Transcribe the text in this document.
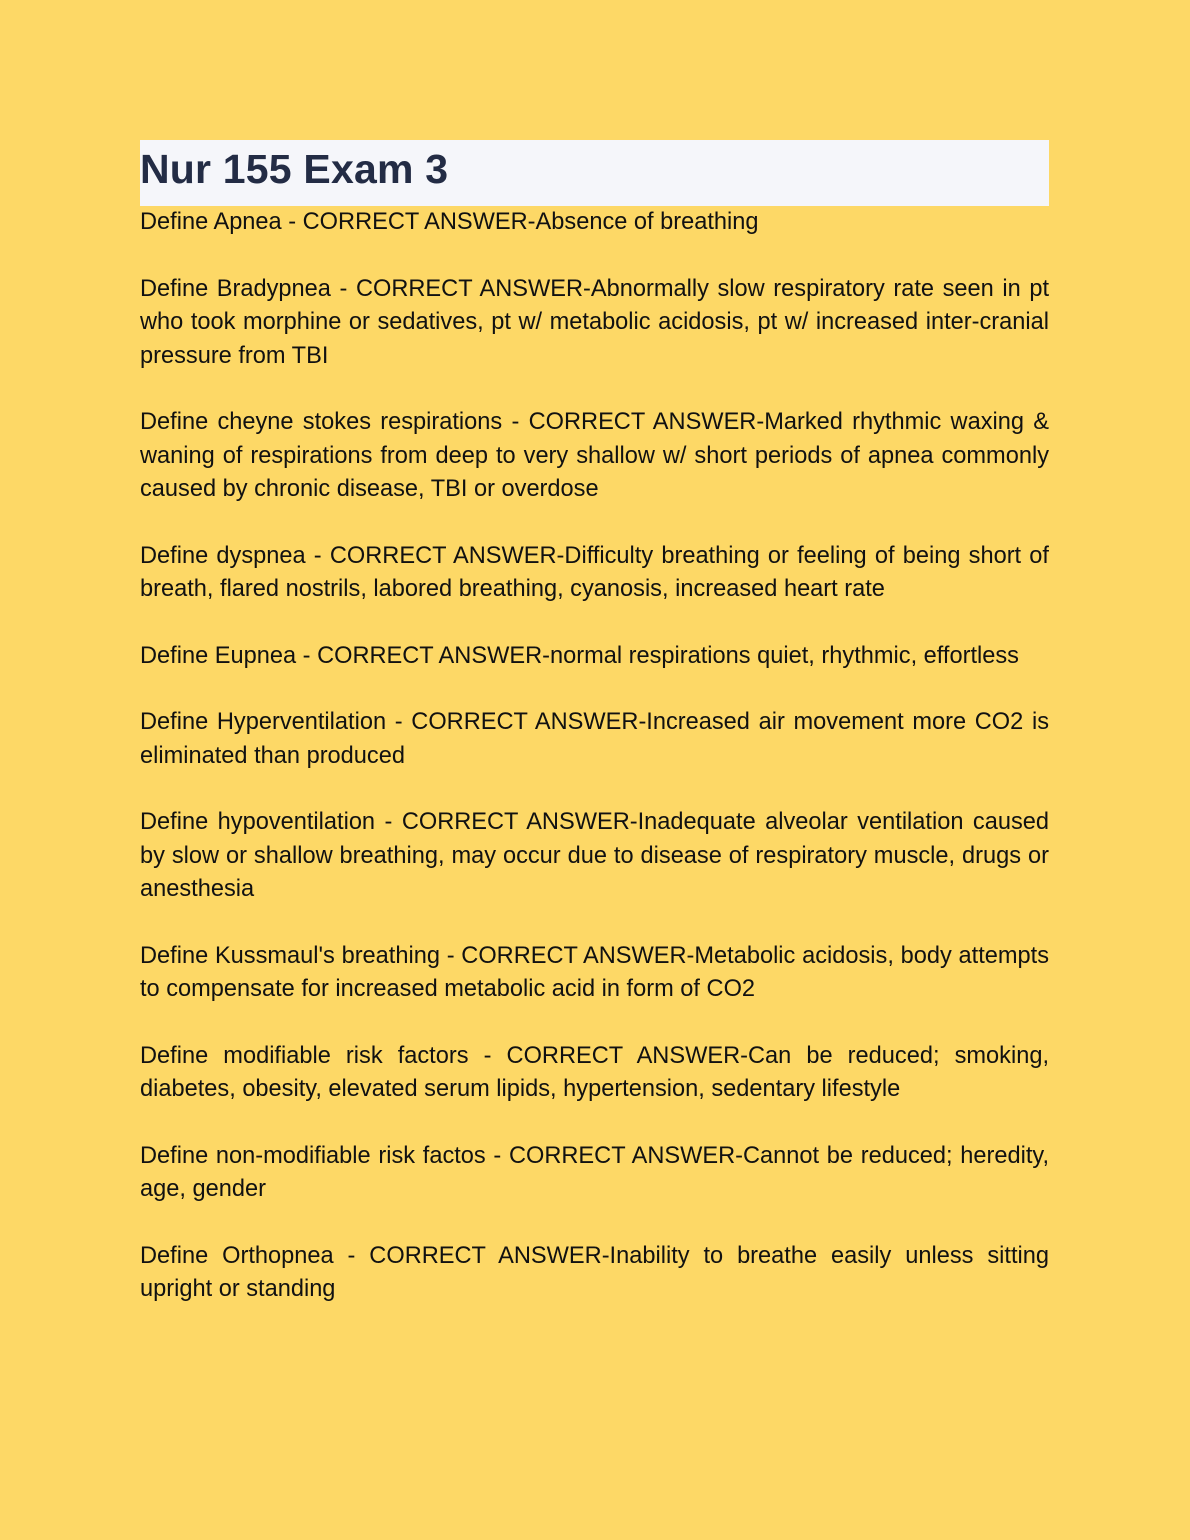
Nur 155 Exam 3

Define Apnea - CORRECT ANSWER-Absence of breathing

Define Bradypnea - CORRECT ANSWER-Abnormally slow respiratory rate seen in pt who took morphine or sedatives, pt w/ metabolic acidosis, pt w/ increased inter-cranial pressure from TBI

Define cheyne stokes respirations - CORRECT ANSWER-Marked rhythmic waxing & waning of respirations from deep to very shallow w/ short periods of apnea commonly caused by chronic disease, TBI or overdose

Define dyspnea - CORRECT ANSWER-Difficulty breathing or feeling of being short of breath, flared nostrils, labored breathing, cyanosis, increased heart rate

Define Eupnea - CORRECT ANSWER-normal respirations quiet, rhythmic, effortless

Define Hyperventilation - CORRECT ANSWER-Increased air movement more CO2 is eliminated than produced

Define hypoventilation - CORRECT ANSWER-Inadequate alveolar ventilation caused by slow or shallow breathing, may occur due to disease of respiratory muscle, drugs or anesthesia

Define Kussmaul's breathing - CORRECT ANSWER-Metabolic acidosis, body attempts to compensate for increased metabolic acid in form of CO2

Define modifiable risk factors - CORRECT ANSWER-Can be reduced; smoking, diabetes, obesity, elevated serum lipids, hypertension, sedentary lifestyle

Define non-modifiable risk factos - CORRECT ANSWER-Cannot be reduced; heredity, age, gender

Define Orthopnea - CORRECT ANSWER-Inability to breathe easily unless sitting upright or standing
